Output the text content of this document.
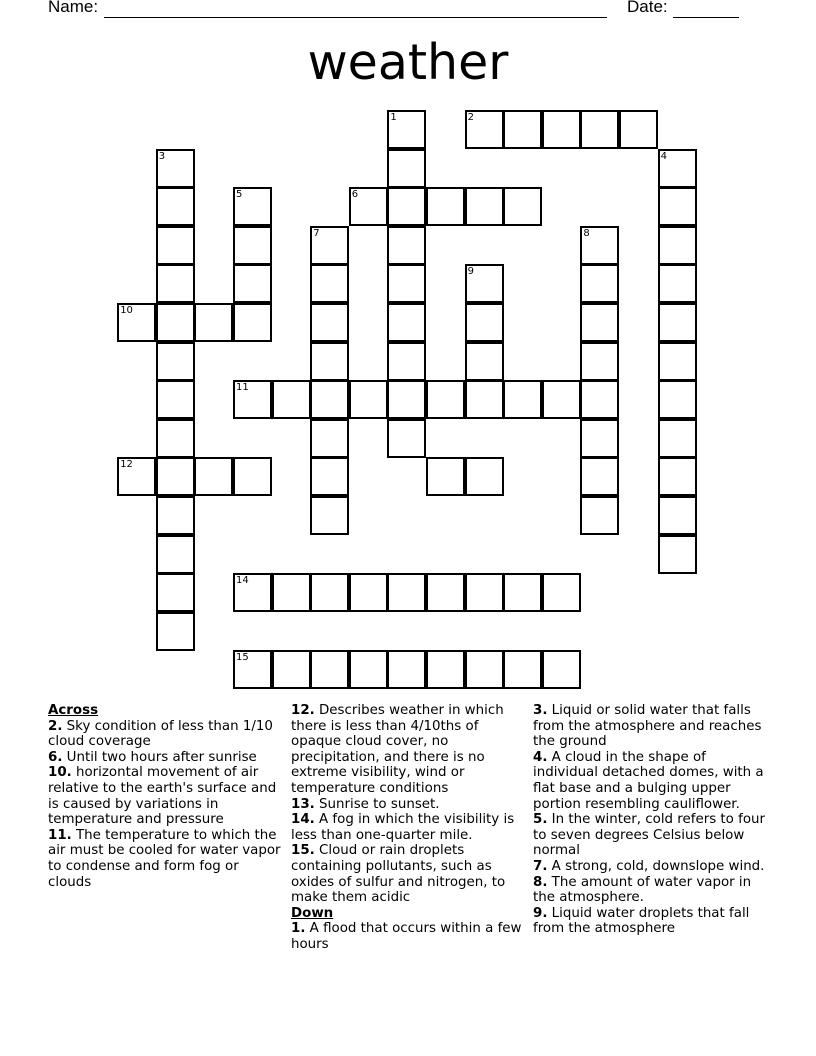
Name:	Date:
weather
1	2
3	4
5	6
7	8
9
10
11
12
14
15

Across

2. Sky condition of less than 1/10 cloud coverage

6. Until two hours after sunrise

10. horizontal movement of air relative to the earth's surface and is caused by variations in temperature and pressure

11. The temperature to which the air must be cooled for water vapor to condense and form fog or clouds

12. Describes weather in which there is less than 4/10ths of opaque cloud cover, no precipitation, and there is no extreme visibility, wind or temperature conditions

13. Sunrise to sunset.

14. A fog in which the visibility is less than one-quarter mile.

15. Cloud or rain droplets containing pollutants, such as oxides of sulfur and nitrogen, to make them acidic

Down

1. A flood that occurs within a few hours

3. Liquid or solid water that falls from the atmosphere and reaches the ground

4. A cloud in the shape of individual detached domes, with a flat base and a bulging upper portion resembling cauliflower.

5. In the winter, cold refers to four to seven degrees Celsius below normal

7. A strong, cold, downslope wind.

8. The amount of water vapor in the atmosphere.

9. Liquid water droplets that fall from the atmosphere
